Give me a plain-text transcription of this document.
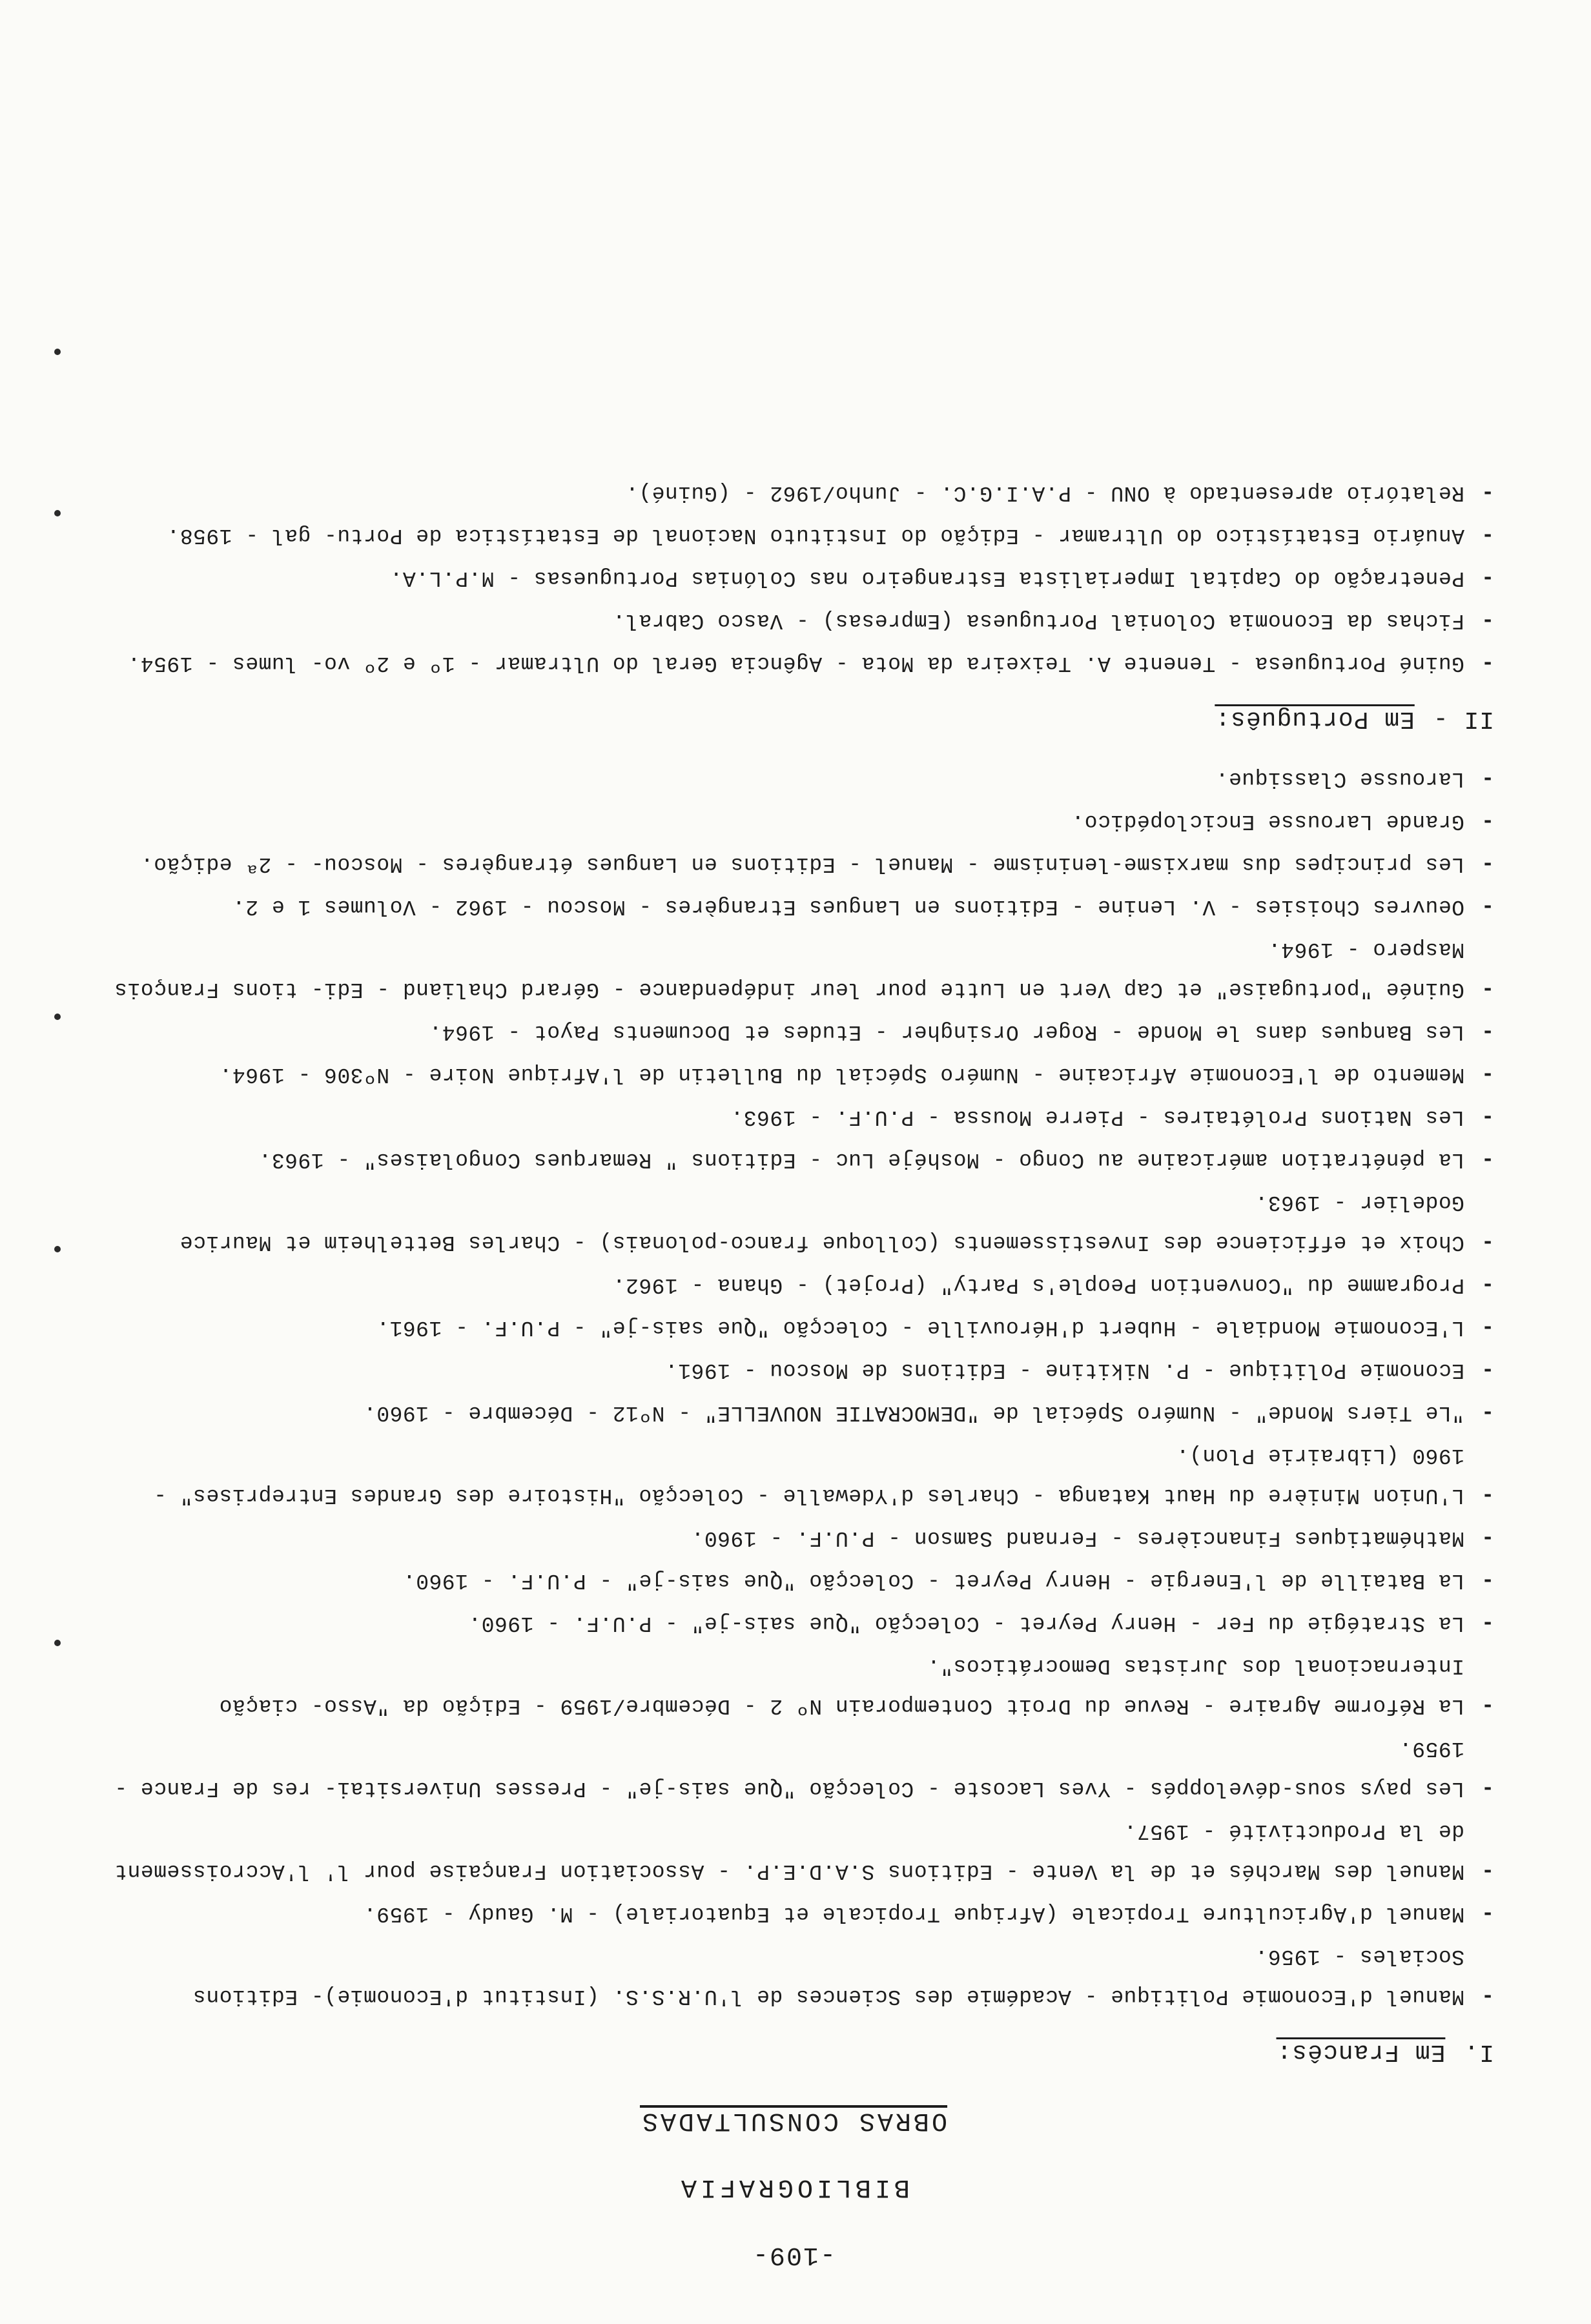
-109-
BIBLIOGRAFIA
OBRAS CONSULTADAS
I.Em Francês:
-
Manuel d'Economie Politique - Académie des Sciences de l'U.R.S.S. (Institut d'Economie)- Editions Sociales - 1956.
-
Manuel d'Agriculture Tropicale (Afrique Tropicale et Equatoriale) - M. Gaudy - 1959.
-
Manuel des Marchés et de la Vente - Editions S.A.D.E.P. - Association Française pour l' l'Accroissement de la Productivité - 1957.
-
Les pays sous-développés - Yves Lacoste - Colecção "Que sais-je" - Presses Universitai- res de France - 1959.
-
La Réforme Agraire - Revue du Droit Contemporain Nº 2 - Décembre/1959 - Edição da "Asso- ciação Internacional dos Juristas Democráticos".
-
La Stratégie du Fer - Henry Peyret - Colecção "Que sais-je" - P.U.F. - 1960.
-
La Bataille de l'Energie - Henry Peyret - Colecção "Que sais-je" - P.U.F. - 1960.
-
Mathématiques Financières - Fernand Samson - P.U.F. - 1960.
-
L'Union Minière du Haut Katanga - Charles d'Ydewalle - Colecção "Histoire des Grandes Entreprises" - 1960 (Librairie Plon).
-
"Le Tiers Monde" - Numéro Spécial de "DEMOCRATIE NOUVELLE" - Nº12 - Décembre - 1960.
-
Economie Politique - P. Nikitine - Editions de Moscou - 1961.
-
L'Economie Mondiale - Hubert d'Hérouville - Colecção "Que sais-je" - P.U.F. - 1961.
-
Programme du "Convention People's Party" (Projet) - Ghana - 1962.
-
Choix et efficience des Investissements (Colloque franco-polonais) - Charles Bettelheim et Maurice Godelier - 1963.
-
La pénétration américaine au Congo - Moshéje Luc - Editions " Remarques Congolaises" - 1963.
-
Les Nations Prolétaires - Pierre Moussa - P.U.F. - 1963.
-
Memento de l'Economie Africaine - Numéro Spécial du Bulletin de l'Afrique Noire - Nº306 - 1964.
-
Les Banques dans le Monde - Roger Orsingher - Etudes et Documents Payot - 1964.
-
Guinée "portugaise" et Cap Vert en Lutte pour leur indépendance - Gérard Chaliand - Edi- tions François Maspero - 1964.
-
Oeuvres Choisies - V. Lenine - Editions en Langues Etrangères - Moscou - 1962 - Volumes 1 e 2.
-
Les principes dus marxisme-leninisme - Manuel - Editions en Langues étrangères - Moscou- - 2ª edição.
-
Grande Larousse Enciclopédico.
-
Larousse Classique.
II -Em Português:
-
Guiné Portuguesa - Tenente A. Teixeira da Mota - Agência Geral do Ultramar - 1º e 2º vo- lumes - 1954.
-
Fichas da Economia Colonial Portuguesa (Empresas) - Vasco Cabral.
-
Penetração do Capital Imperialista Estrangeiro nas Colónias Portuguesas - M.P.L.A.
-
Anuário Estatístico do Ultramar - Edição do Instituto Nacional de Estatística de Portu- gal - 1958.
-
Relatório apresentado à ONU - P.A.I.G.C. - Junho/1962 - (Guiné).
